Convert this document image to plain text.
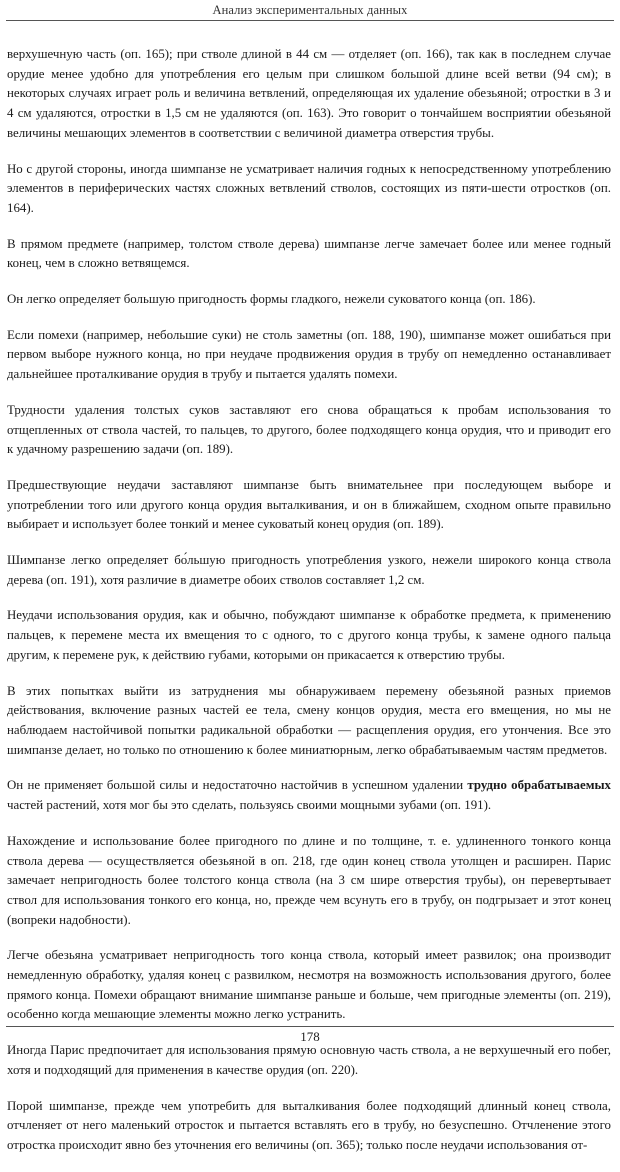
Анализ экспериментальных данных

верхушечную часть (оп. 165); при стволе длиной в 44 см — отделяет (оп. 166), так как в последнем случае орудие менее удобно для употребления его целым при слишком большой длине всей ветви (94 см); в некоторых случаях играет роль и величина ветвлений, определяющая их удаление обезьяной; отростки в 3 и 4 см удаляются, отростки в 1,5 см не удаляются (оп. 163). Это говорит о тончайшем восприятии обезьяной величины мешающих элементов в соответствии с величиной диаметра отверстия трубы.

Но с другой стороны, иногда шимпанзе не усматривает наличия годных к непосредственному употреблению элементов в периферических частях сложных ветвлений стволов, состоящих из пяти-шести отростков (оп. 164).

В прямом предмете (например, толстом стволе дерева) шимпанзе легче замечает более или менее годный конец, чем в сложно ветвящемся.

Он легко определяет большую пригодность формы гладкого, нежели суковатого конца (оп. 186).

Если помехи (например, небольшие суки) не столь заметны (оп. 188, 190), шимпанзе может ошибаться при первом выборе нужного конца, но при неудаче продвижения орудия в трубу оп немедленно останавливает дальнейшее проталкивание орудия в трубу и пытается удалять помехи.

Трудности удаления толстых суков заставляют его снова обращаться к пробам использования то отщепленных от ствола частей, то пальцев, то другого, более подходящего конца орудия, что и приводит его к удачному разрешению задачи (оп. 189).

Предшествующие неудачи заставляют шимпанзе быть внимательнее при последующем выборе и употреблении того или другого конца орудия выталкивания, и он в ближайшем, сходном опыте правильно выбирает и использует более тонкий и менее суковатый конец орудия (оп. 189).

Шимпанзе легко определяет бо́льшую пригодность употребления узкого, нежели широкого конца ствола дерева (оп. 191), хотя различие в диаметре обоих стволов составляет 1,2 см.

Неудачи использования орудия, как и обычно, побуждают шимпанзе к обработке предмета, к применению пальцев, к перемене места их вмещения то с одного, то с другого конца трубы, к замене одного пальца другим, к перемене рук, к действию губами, которыми он прикасается к отверстию трубы.

В этих попытках выйти из затруднения мы обнаруживаем перемену обезьяной разных приемов действования, включение разных частей ее тела, смену концов орудия, места его вмещения, но мы не наблюдаем настойчивой попытки радикальной обработки — расщепления орудия, его утончения. Все это шимпанзе делает, но только по отношению к более миниатюрным, легко обрабатываемым частям предметов.

Он не применяет большой силы и недостаточно настойчив в успешном удалении трудно обрабатываемых частей растений, хотя мог бы это сделать, пользуясь своими мощными зубами (оп. 191).

Нахождение и использование более пригодного по длине и по толщине, т. е. удлиненного тонкого конца ствола дерева — осуществляется обезьяной в оп. 218, где один конец ствола утолщен и расширен. Парис замечает непригодность более толстого конца ствола (на 3 см шире отверстия трубы), он перевертывает ствол для использования тонкого его конца, но, прежде чем всунуть его в трубу, он подгрызает и этот конец (вопреки надобности).

Легче обезьяна усматривает непригодность того конца ствола, который имеет развилок; она производит немедленную обработку, удаляя конец с развилком, несмотря на возможность использования другого, более прямого конца. Помехи обращают внимание шимпанзе раньше и больше, чем пригодные элементы (оп. 219), особенно когда мешающие элементы можно легко устранить.

Иногда Парис предпочитает для использования прямую основную часть ствола, а не верхушечный его побег, хотя и подходящий для применения в качестве орудия (оп. 220).

Порой шимпанзе, прежде чем употребить для выталкивания более подходящий длинный конец ствола, отчленяет от него маленький отросток и пытается вставлять его в трубу, но безуспешно. Отчленение этого отростка происходит явно без уточнения его величины (оп. 365); только после неудачи использования от-

178
